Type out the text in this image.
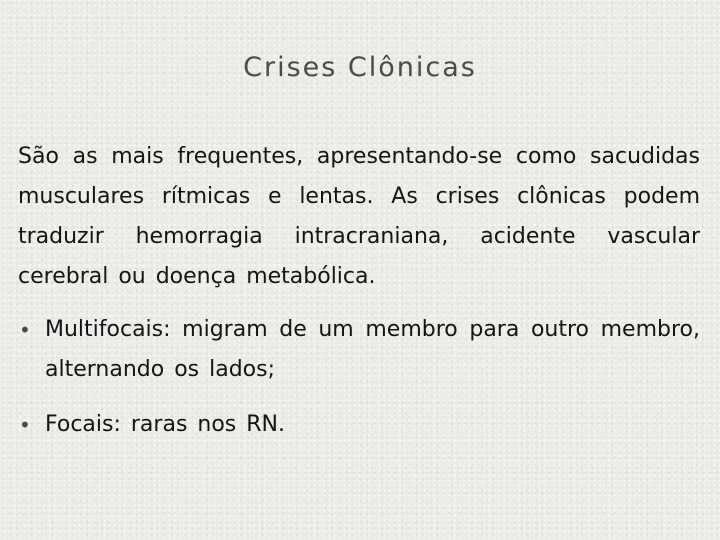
Crises Clônicas

São as mais frequentes, apresentando-se como sacudidas musculares rítmicas e lentas. As crises clônicas podem traduzir hemorragia intracraniana, acidente vascular cerebral ou doença metabólica.

• Multifocais: migram de um membro para outro membro, alternando os lados;
• Focais: raras nos RN.
